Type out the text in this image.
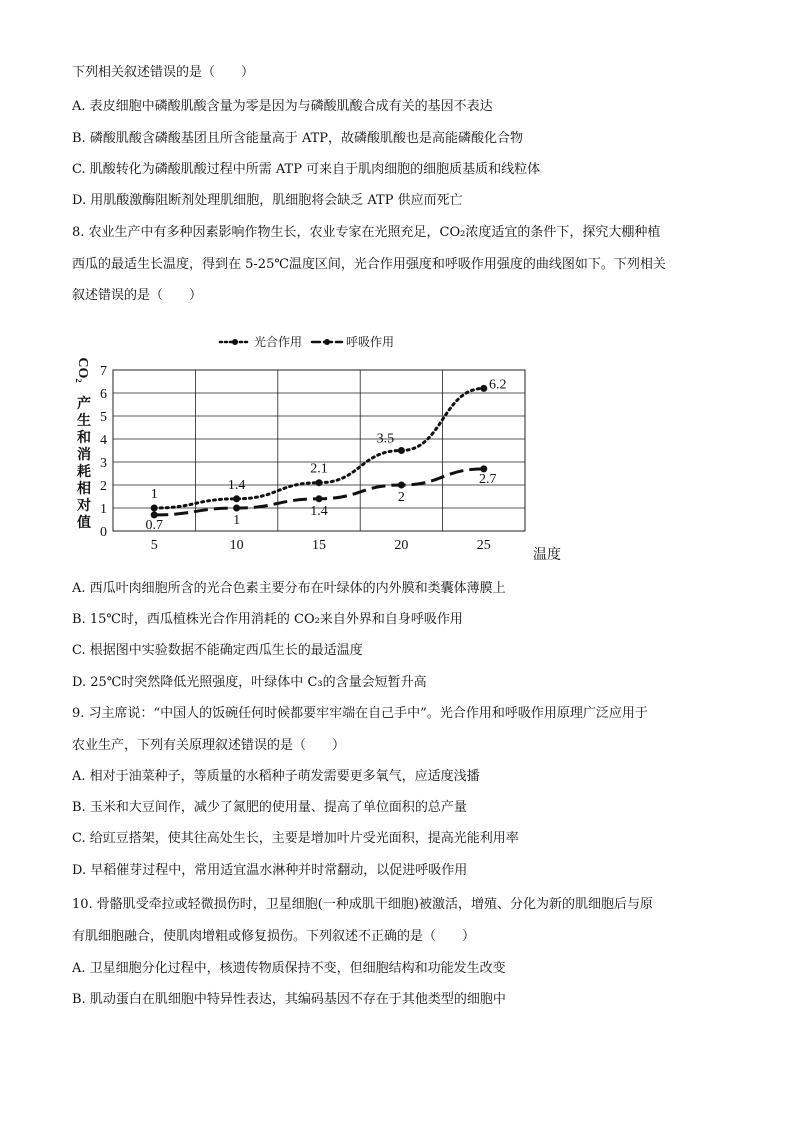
下列相关叙述错误的是（　　）
A. 表皮细胞中磷酸肌酸含量为零是因为与磷酸肌酸合成有关的基因不表达
B. 磷酸肌酸含磷酸基团且所含能量高于 ATP，故磷酸肌酸也是高能磷酸化合物
C. 肌酸转化为磷酸肌酸过程中所需 ATP 可来自于肌肉细胞的细胞质基质和线粒体
D. 用肌酸激酶阻断剂处理肌细胞，肌细胞将会缺乏 ATP 供应而死亡
8. 农业生产中有多种因素影响作物生长，农业专家在光照充足，CO₂浓度适宜的条件下，探究大棚种植
西瓜的最适生长温度，得到在 5-25℃温度区间，光合作用强度和呼吸作用强度的曲线图如下。下列相关
叙述错误的是（　　）
光合作用	呼吸作用
CO₂
产
生
和
消
耗
相
对
值
0
1
2
3
4
5
6
7
5	10	15	20	25
1
1.4
2.1
3.5
6.2
0.7	1
1.4
2
2.7
温度
A. 西瓜叶肉细胞所含的光合色素主要分布在叶绿体的内外膜和类囊体薄膜上
B. 15℃时，西瓜植株光合作用消耗的 CO₂来自外界和自身呼吸作用
C. 根据图中实验数据不能确定西瓜生长的最适温度
D. 25℃时突然降低光照强度，叶绿体中 C₃的含量会短暂升高
9. 习主席说：“中国人的饭碗任何时候都要牢牢端在自己手中”。光合作用和呼吸作用原理广泛应用于
农业生产，下列有关原理叙述错误的是（　　）
A. 相对于油菜种子，等质量的水稻种子萌发需要更多氧气，应适度浅播
B. 玉米和大豆间作，减少了氮肥的使用量、提高了单位面积的总产量
C. 给豇豆搭架，使其往高处生长，主要是增加叶片受光面积，提高光能利用率
D. 早稻催芽过程中，常用适宜温水淋种并时常翻动，以促进呼吸作用
10. 骨骼肌受牵拉或轻微损伤时，卫星细胞(一种成肌干细胞)被激活，增殖、分化为新的肌细胞后与原
有肌细胞融合，使肌肉增粗或修复损伤。下列叙述不正确的是（　　）
A. 卫星细胞分化过程中，核遗传物质保持不变，但细胞结构和功能发生改变
B. 肌动蛋白在肌细胞中特异性表达，其编码基因不存在于其他类型的细胞中
